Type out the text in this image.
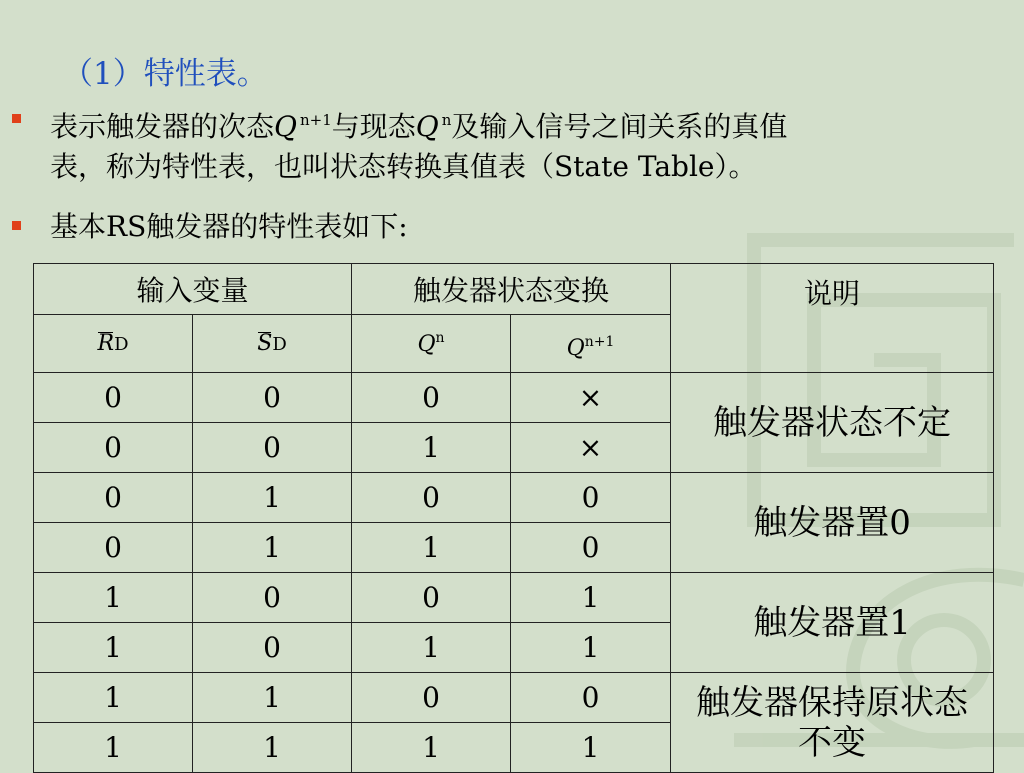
（1）特性表。
表示触发器的次态Q $^{n+1}$与现态Q $^n$及输入信号之间关系的真值
表，称为特性表，也叫状态转换真值表（State Table）。
基本RS触发器的特性表如下:
输入变量		触发器状态变换		说明
RD	SD	$Q^n$	$Q^{n+1}$
0	0	0	×	触发器状态不定
0	0	1	×	
0	1	0	0	触发器置0
0	1	1	0	
1	0	0	1	触发器置1
1	0	1	1	
1	1	0	0	触发器保持原状态不变
1	1	1	1	
